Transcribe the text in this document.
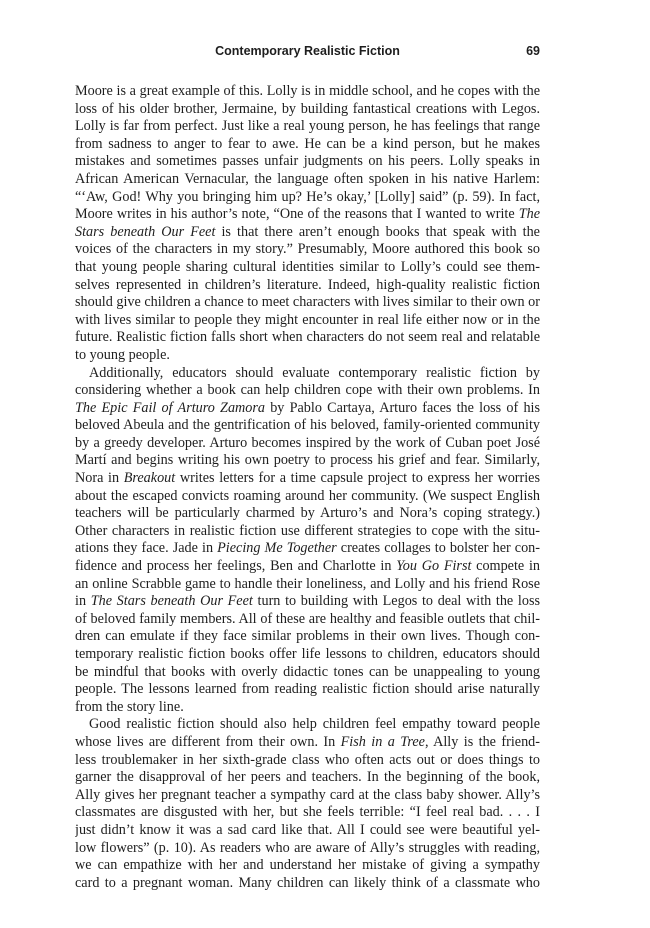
Contemporary Realistic Fiction	69
Moore is a great example of this. Lolly is in middle school, and he copes with the
loss of his older brother, Jermaine, by building fantastical creations with Legos.
Lolly is far from perfect. Just like a real young person, he has feelings that range
from sadness to anger to fear to awe. He can be a kind person, but he makes
mistakes and sometimes passes unfair judgments on his peers. Lolly speaks in
African American Vernacular, the language often spoken in his native Harlem:
“‘Aw, God! Why you bringing him up? He’s okay,’ [Lolly] said” (p. 59). In fact,
Moore writes in his author’s note, “One of the reasons that I wanted to write The
Stars beneath Our Feet is that there aren’t enough books that speak with the
voices of the characters in my story.” Presumably, Moore authored this book so
that young people sharing cultural identities similar to Lolly’s could see them-
selves represented in children’s literature. Indeed, high-quality realistic fiction
should give children a chance to meet characters with lives similar to their own or
with lives similar to people they might encounter in real life either now or in the
future. Realistic fiction falls short when characters do not seem real and relatable
to young people.
Additionally, educators should evaluate contemporary realistic fiction by
considering whether a book can help children cope with their own problems. In
The Epic Fail of Arturo Zamora by Pablo Cartaya, Arturo faces the loss of his
beloved Abeula and the gentrification of his beloved, family-oriented community
by a greedy developer. Arturo becomes inspired by the work of Cuban poet José
Martí and begins writing his own poetry to process his grief and fear. Similarly,
Nora in Breakout writes letters for a time capsule project to express her worries
about the escaped convicts roaming around her community. (We suspect English
teachers will be particularly charmed by Arturo’s and Nora’s coping strategy.)
Other characters in realistic fiction use different strategies to cope with the situ-
ations they face. Jade in Piecing Me Together creates collages to bolster her con-
fidence and process her feelings, Ben and Charlotte in You Go First compete in
an online Scrabble game to handle their loneliness, and Lolly and his friend Rose
in The Stars beneath Our Feet turn to building with Legos to deal with the loss
of beloved family members. All of these are healthy and feasible outlets that chil-
dren can emulate if they face similar problems in their own lives. Though con-
temporary realistic fiction books offer life lessons to children, educators should
be mindful that books with overly didactic tones can be unappealing to young
people. The lessons learned from reading realistic fiction should arise naturally
from the story line.
Good realistic fiction should also help children feel empathy toward people
whose lives are different from their own. In Fish in a Tree, Ally is the friend-
less troublemaker in her sixth-grade class who often acts out or does things to
garner the disapproval of her peers and teachers. In the beginning of the book,
Ally gives her pregnant teacher a sympathy card at the class baby shower. Ally’s
classmates are disgusted with her, but she feels terrible: “I feel real bad. . . . I
just didn’t know it was a sad card like that. All I could see were beautiful yel-
low flowers” (p. 10). As readers who are aware of Ally’s struggles with reading,
we can empathize with her and understand her mistake of giving a sympathy
card to a pregnant woman. Many children can likely think of a classmate who
